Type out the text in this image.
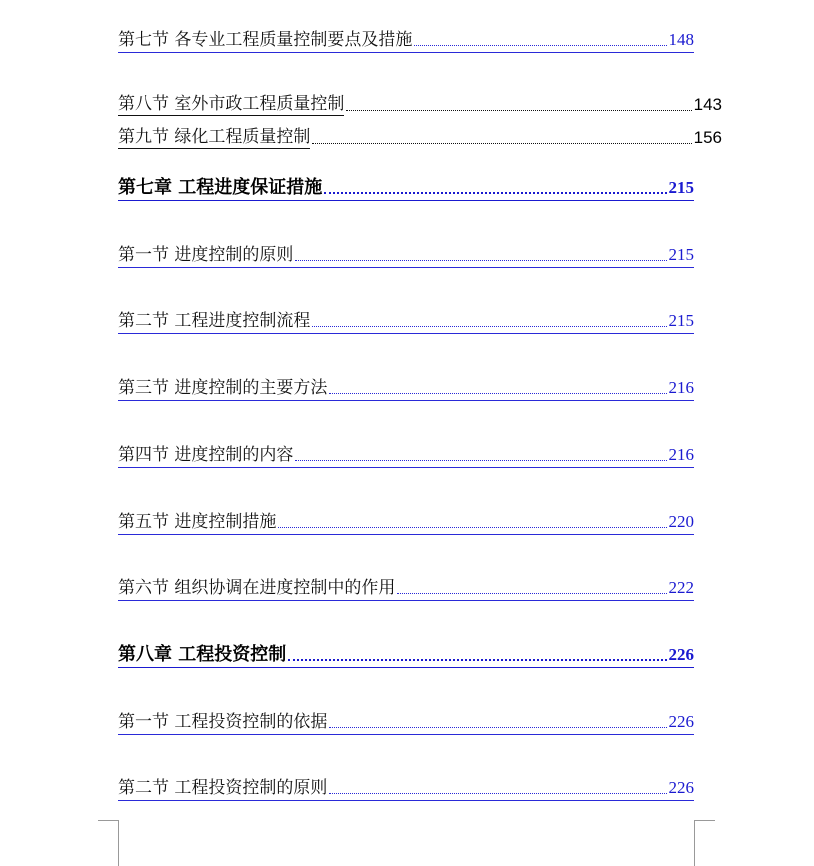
第七节 各专业工程质量控制要点及措施	148
第八节 室外市政工程质量控制	143
第九节 绿化工程质量控制	156
第七章 工程进度保证措施	215
第一节 进度控制的原则	215
第二节 工程进度控制流程	215
第三节 进度控制的主要方法	216
第四节 进度控制的内容	216
第五节 进度控制措施	220
第六节 组织协调在进度控制中的作用	222
第八章 工程投资控制	226
第一节 工程投资控制的依据	226
第二节 工程投资控制的原则	226
